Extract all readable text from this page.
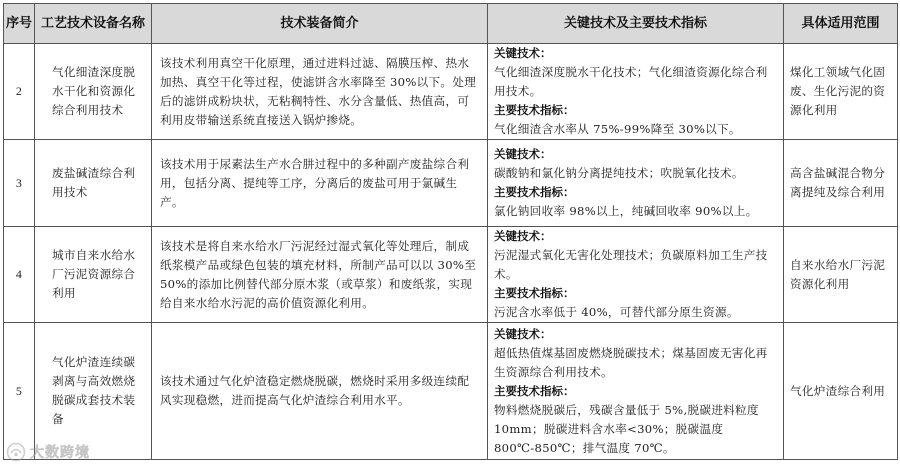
序号	工艺技术设备名称	技术装备简介	关键技术及主要技术指标	具体适用范围
2	气化细渣深度脱水干化和资源化综合利用技术	该技术利用真空干化原理，通过进料过滤、隔膜压榨、热水加热、真空干化等过程，使滤饼含水率降至 30%以下。处理后的滤饼成粉块状，无粘稠特性、水分含量低、热值高，可利用皮带输送系统直接送入锅炉掺烧。	关键技术：
气化细渣深度脱水干化技术；气化细渣资源化综合利用技术。
主要技术指标：
气化细渣含水率从 75%-99%降至 30%以下。	煤化工领域气化固废、生化污泥的资源化利用
3	废盐碱渣综合利用技术	该技术用于尿素法生产水合肼过程中的多种副产废盐综合利用，包括分离、提纯等工序，分离后的废盐可用于氯碱生产。	关键技术：
碳酸钠和氯化钠分离提纯技术；吹脱氧化技术。
主要技术指标：
氯化钠回收率 98%以上，纯碱回收率 90%以上。	高含盐碱混合物分离提纯及综合利用
4	城市自来水给水厂污泥资源综合利用	该技术是将自来水给水厂污泥经过湿式氧化等处理后，制成纸浆模产品或绿色包装的填充材料，所制产品可以以 30%至 50%的添加比例替代部分原木浆（或草浆）和废纸浆，实现给自来水给水污泥的高价值资源化利用。	关键技术：
污泥湿式氧化无害化处理技术；负碳原料加工生产技术。
主要技术指标：
污泥含水率低于 40%，可替代部分原生资源。	自来水给水厂污泥资源化利用
5	气化炉渣连续碳剥离与高效燃烧脱碳成套技术装备	该技术通过气化炉渣稳定燃烧脱碳，燃烧时采用多级连续配风实现稳燃，进而提高气化炉渣综合利用水平。	关键技术：
超低热值煤基固废燃烧脱碳技术；煤基固废无害化再生资源综合利用技术。
主要技术指标：
物料燃烧脱碳后，残碳含量低于 5%,脱碳进料粒度 10mm；脱碳进料含水率<30%；脱碳温度 800℃-850℃；排气温度 70℃。	气化炉渣综合利用
大数跨境
